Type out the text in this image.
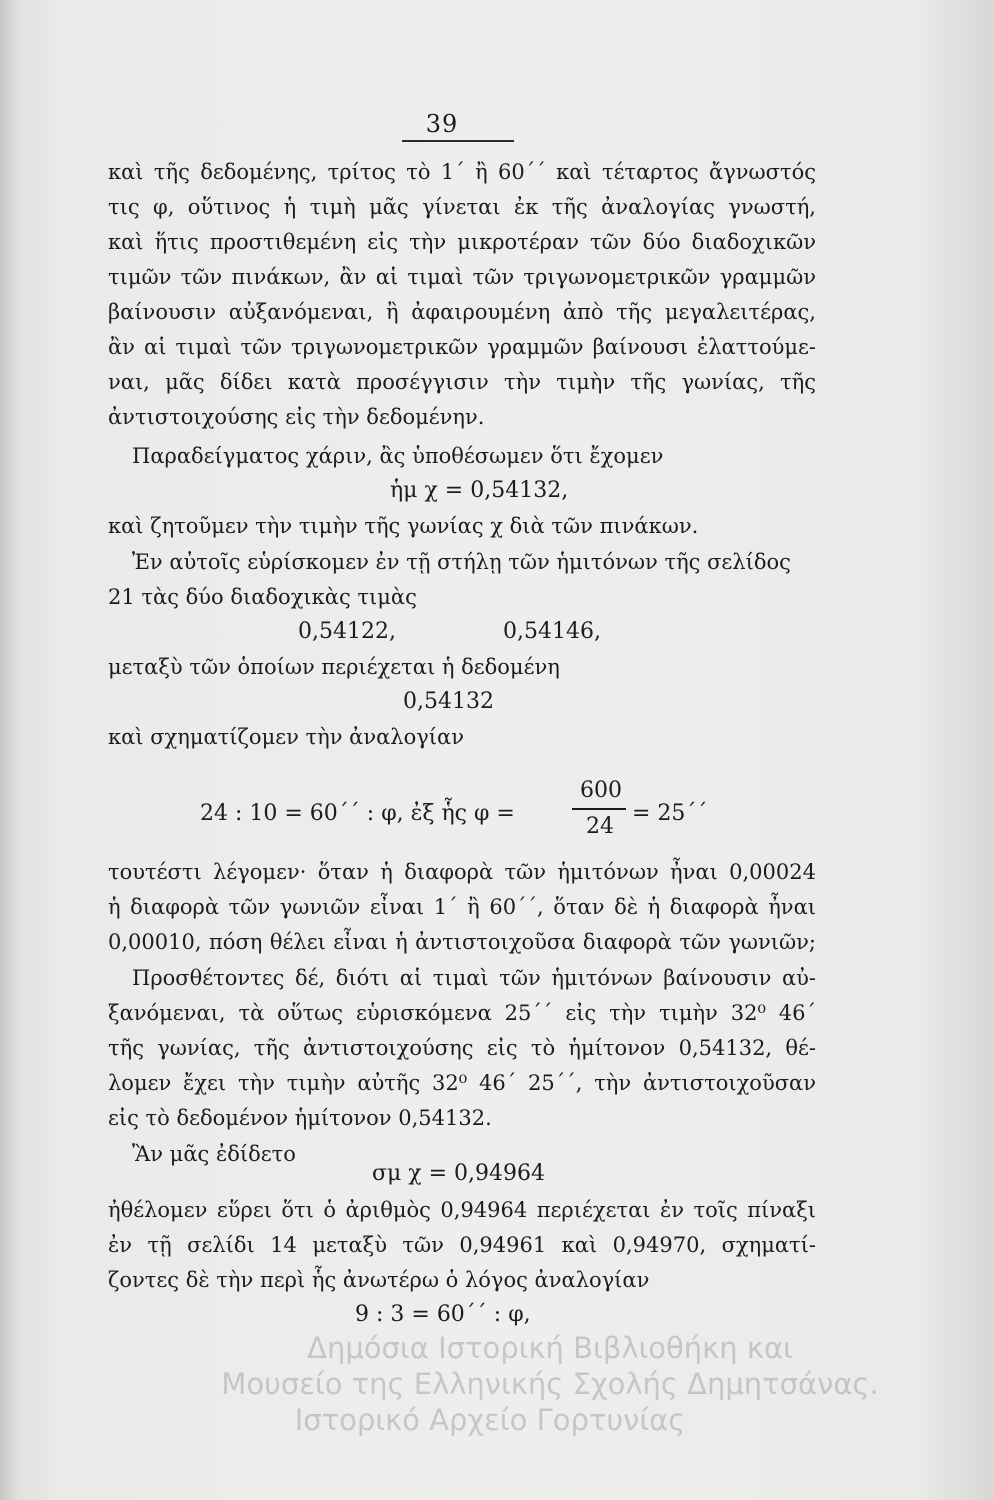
39
καὶ τῆς δεδομένης, τρίτος τὸ 1΄ ἢ 60΄΄ καὶ τέταρτος ἄγνωστός
τις φ, οὕτινος ἡ τιμὴ μᾶς γίνεται ἐκ τῆς ἀναλογίας γνωστή,
καὶ ἥτις προστιθεμένη εἰς τὴν μικροτέραν τῶν δύο διαδοχικῶν
τιμῶν τῶν πινάκων, ἂν αἱ τιμαὶ τῶν τριγωνομετρικῶν γραμμῶν
βαίνουσιν αὐξανόμεναι, ἢ ἀφαιρουμένη ἀπὸ τῆς μεγαλειτέρας,
ἂν αἱ τιμαὶ τῶν τριγωνομετρικῶν γραμμῶν βαίνουσι ἐλαττούμε-
ναι, μᾶς δίδει κατὰ προσέγγισιν τὴν τιμὴν τῆς γωνίας, τῆς
ἀντιστοιχούσης εἰς τὴν δεδομένην.
Παραδείγματος χάριν, ἂς ὑποθέσωμεν ὅτι ἔχομεν
ἡμ χ = 0,54132,
καὶ ζητοῦμεν τὴν τιμὴν τῆς γωνίας χ διὰ τῶν πινάκων.
Ἐν αὐτοῖς εὑρίσκομεν ἐν τῇ στήλῃ τῶν ἡμιτόνων τῆς σελίδος
21 τὰς δύο διαδοχικὰς τιμὰς
0,54122,	0,54146,
μεταξὺ τῶν ὁποίων περιέχεται ἡ δεδομένη
0,54132
καὶ σχηματίζομεν τὴν ἀναλογίαν
24 : 10 = 60΄΄ : φ, ἐξ ἧς φ =
600
24
= 25΄΄
τουτέστι λέγομεν· ὅταν ἡ διαφορὰ τῶν ἡμιτόνων ἦναι 0,00024
ἡ διαφορὰ τῶν γωνιῶν εἶναι 1΄ ἢ 60΄΄, ὅταν δὲ ἡ διαφορὰ ἦναι
0,00010, πόση θέλει εἶναι ἡ ἀντιστοιχοῦσα διαφορὰ τῶν γωνιῶν;
Προσθέτοντες δέ, διότι αἱ τιμαὶ τῶν ἡμιτόνων βαίνουσιν αὐ-
ξανόμεναι, τὰ οὕτως εὑρισκόμενα 25΄΄ εἰς τὴν τιμὴν 32⁰ 46΄
τῆς γωνίας, τῆς ἀντιστοιχούσης εἰς τὸ ἡμίτονον 0,54132, θέ-
λομεν ἔχει τὴν τιμὴν αὐτῆς 32⁰ 46΄ 25΄΄, τὴν ἀντιστοιχοῦσαν
εἰς τὸ δεδομένον ἡμίτονον 0,54132.
Ἂν μᾶς ἐδίδετο
σμ χ = 0,94964
ἠθέλομεν εὕρει ὅτι ὁ ἀριθμὸς 0,94964 περιέχεται ἐν τοῖς πίναξι
ἐν τῇ σελίδι 14 μεταξὺ τῶν 0,94961 καὶ 0,94970, σχηματί-
ζοντες δὲ τὴν περὶ ἧς ἀνωτέρω ὁ λόγος ἀναλογίαν
9 : 3 = 60΄΄ : φ,
Δημόσια Ιστορική Βιβλιοθήκη και
Μουσείο της Ελληνικής Σχολής Δημητσάνας.
Ιστορικό Αρχείο Γορτυνίας
